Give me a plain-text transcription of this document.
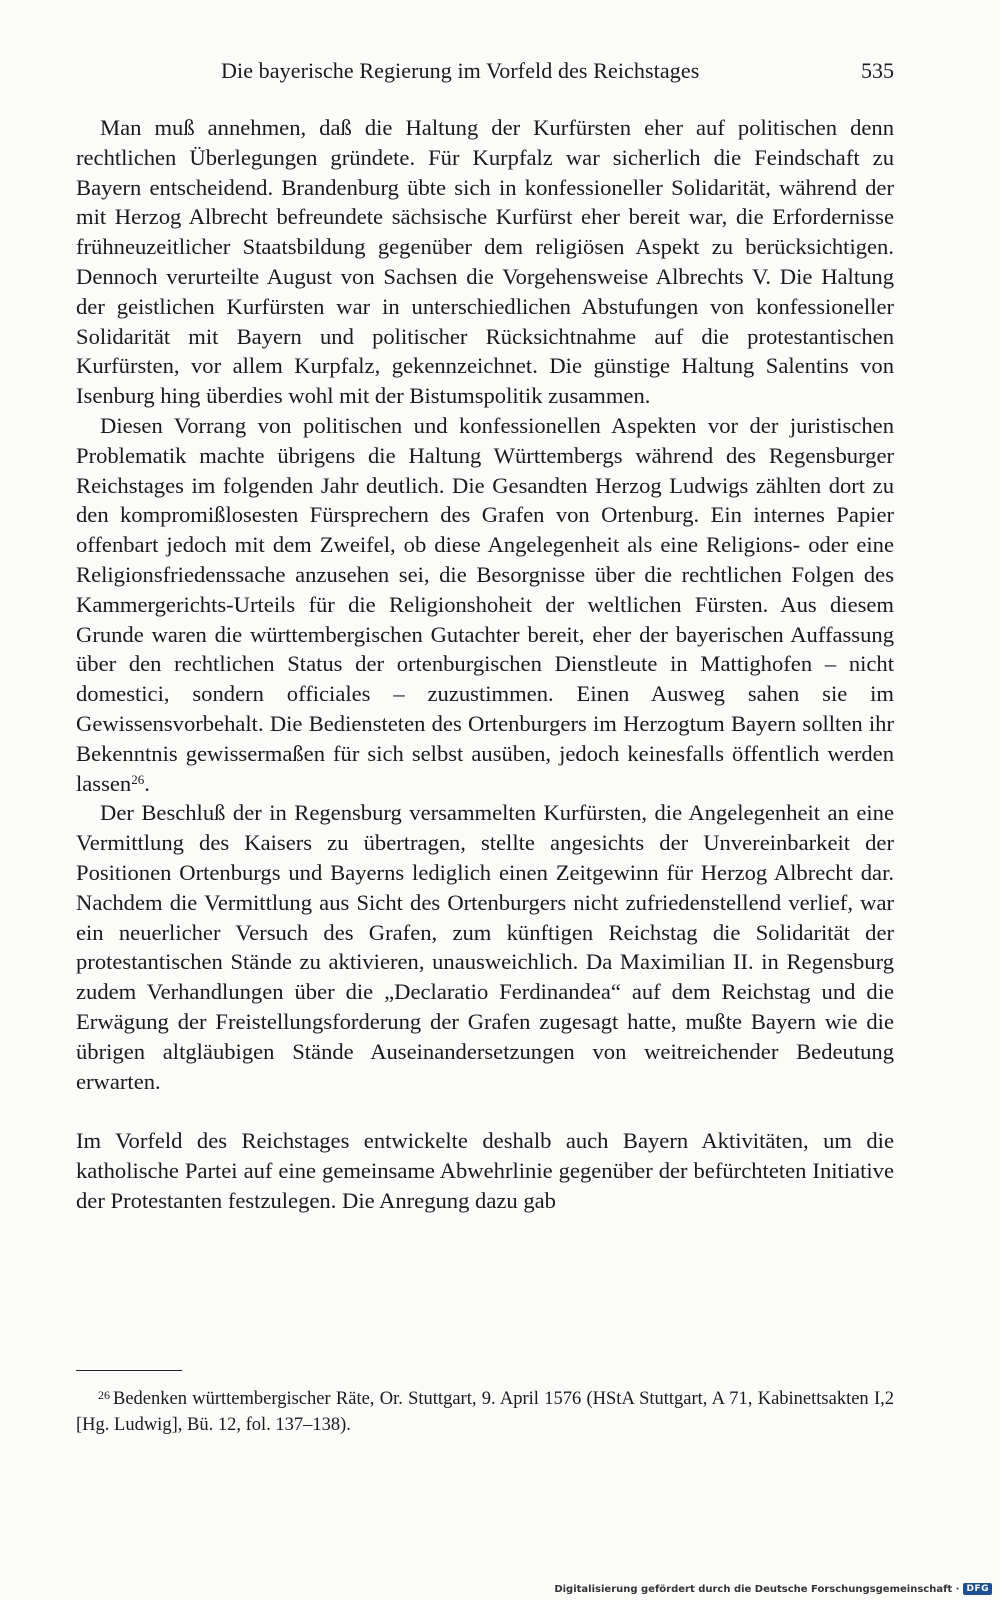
Die bayerische Regierung im Vorfeld des Reichstages	535

Man muß annehmen, daß die Haltung der Kurfürsten eher auf politischen denn rechtlichen Überlegungen gründete. Für Kurpfalz war sicherlich die Feindschaft zu Bayern entscheidend. Brandenburg übte sich in konfessioneller Solidarität, während der mit Herzog Albrecht befreundete sächsische Kurfürst eher bereit war, die Erfordernisse frühneuzeitlicher Staatsbildung gegenüber dem religiösen Aspekt zu berücksichtigen. Dennoch verurteilte August von Sachsen die Vorgehensweise Albrechts V. Die Haltung der geistlichen Kurfürsten war in unterschiedlichen Abstufungen von konfessioneller Solidarität mit Bayern und politischer Rücksichtnahme auf die protestantischen Kurfürsten, vor allem Kurpfalz, gekennzeichnet. Die günstige Haltung Salentins von Isenburg hing überdies wohl mit der Bistumspolitik zusammen.

Diesen Vorrang von politischen und konfessionellen Aspekten vor der juristischen Problematik machte übrigens die Haltung Württembergs während des Regensburger Reichstages im folgenden Jahr deutlich. Die Gesandten Herzog Ludwigs zählten dort zu den kompromißlosesten Fürsprechern des Grafen von Ortenburg. Ein internes Papier offenbart jedoch mit dem Zweifel, ob diese Angelegenheit als eine Religions- oder eine Religionsfriedenssache anzusehen sei, die Besorgnisse über die rechtlichen Folgen des Kammergerichts-Urteils für die Religionshoheit der weltlichen Fürsten. Aus diesem Grunde waren die württembergischen Gutachter bereit, eher der bayerischen Auffassung über den rechtlichen Status der ortenburgischen Dienstleute in Mattighofen – nicht domestici, sondern officiales – zuzustimmen. Einen Ausweg sahen sie im Gewissensvorbehalt. Die Bediensteten des Ortenburgers im Herzogtum Bayern sollten ihr Bekenntnis gewissermaßen für sich selbst ausüben, jedoch keinesfalls öffentlich werden lassen$^{26}$.

Der Beschluß der in Regensburg versammelten Kurfürsten, die Angelegenheit an eine Vermittlung des Kaisers zu übertragen, stellte angesichts der Unvereinbarkeit der Positionen Ortenburgs und Bayerns lediglich einen Zeitgewinn für Herzog Albrecht dar. Nachdem die Vermittlung aus Sicht des Ortenburgers nicht zufriedenstellend verlief, war ein neuerlicher Versuch des Grafen, zum künftigen Reichstag die Solidarität der protestantischen Stände zu aktivieren, unausweichlich. Da Maximilian II. in Regensburg zudem Verhandlungen über die „Declaratio Ferdinandea“ auf dem Reichstag und die Erwägung der Freistellungsforderung der Grafen zugesagt hatte, mußte Bayern wie die übrigen altgläubigen Stände Auseinandersetzungen von weitreichender Bedeutung erwarten.

Im Vorfeld des Reichstages entwickelte deshalb auch Bayern Aktivitäten, um die katholische Partei auf eine gemeinsame Abwehrlinie gegenüber der befürchteten Initiative der Protestanten festzulegen. Die Anregung dazu gab

$^{26}$ Bedenken württembergischer Räte, Or. Stuttgart, 9. April 1576 (HStA Stuttgart, A 71, Kabinettsakten I,2 [Hg. Ludwig], Bü. 12, fol. 137–138).
Digitalisierung gefördert durch die Deutsche Forschungsgemeinschaft · DFG
